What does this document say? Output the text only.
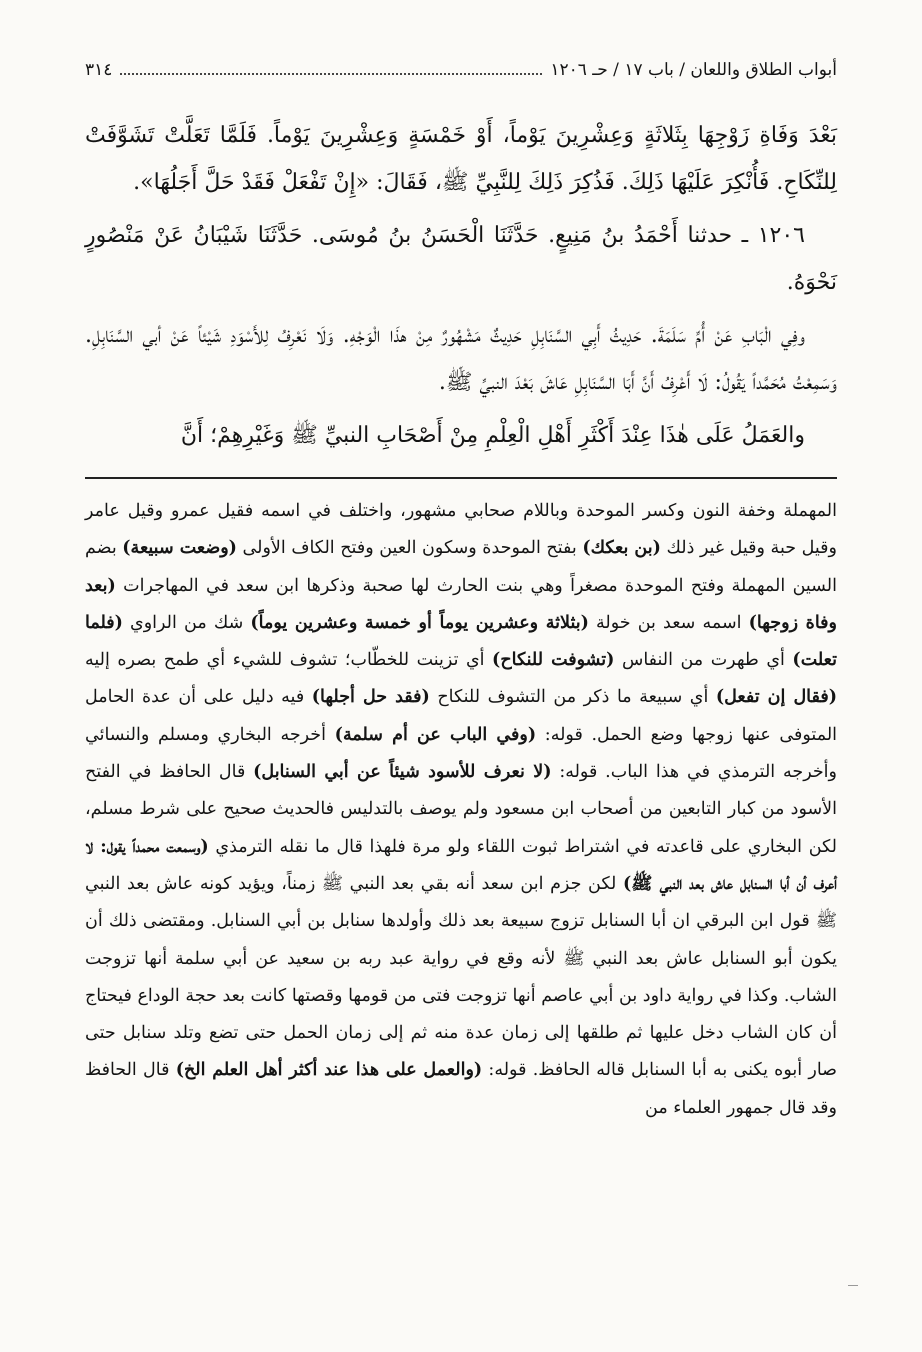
أبواب الطلاق واللعان / باب ١٧ / حـ ١٢٠٦
٣١٤

بَعْدَ وَفَاةِ زَوْجِهَا بِثَلاثَةٍ وَعِشْرِينَ يَوْماً، أَوْ خَمْسَةٍ وَعِشْرِينَ يَوْماً. فَلَمَّا تَعَلَّتْ تَشَوَّفَتْ لِلنِّكَاحِ. فَأُنْكِرَ عَلَيْهَا ذَلِكَ. فَذُكِرَ ذَلِكَ لِلنَّبِيِّ ﷺ، فَقَالَ: «إِنْ تَفْعَلْ فَقَدْ حَلَّ أَجَلُهَا».

١٢٠٦ ـ حدثنا أَحْمَدُ بنُ مَنِيعٍ. حَدَّثَنَا الْحَسَنُ بنُ مُوسَى. حَدَّثَنَا شَيْبَانُ عَنْ مَنْصُورٍ نَحْوَهُ.

وفِي الْبَابِ عَنْ أُمِّ سَلَمَةَ. حَدِيثُ أَبِي السَّنَابِلِ حَدِيثٌ مَشْهُورٌ مِنْ هذَا الْوَجْهِ. وَلَا نَعْرِفُ لِلأَسْوَدِ شَيْئاً عَنْ أبي السَّنَابِلِ. وَسَمِعْتُ مُحَمَّداً يَقُولُ: لَا أَعْرِفُ أَنَّ أَبَا السَّنَابِلِ عَاشَ بَعْدَ النبيِّ ﷺ.

والعَمَلُ عَلَى هٰذَا عِنْدَ أَكْثَرِ أَهْلِ الْعِلْمِ مِنْ أَصْحَابِ النبيِّ ﷺ وَغَيْرِهِمْ؛ أَنَّ

المهملة وخفة النون وكسر الموحدة وباللام صحابي مشهور، واختلف في اسمه فقيل عمرو وقيل عامر وقيل حبة وقيل غير ذلك (بن بعكك) بفتح الموحدة وسكون العين وفتح الكاف الأولى (وضعت سبيعة) بضم السين المهملة وفتح الموحدة مصغراً وهي بنت الحارث لها صحبة وذكرها ابن سعد في المهاجرات (بعد وفاة زوجها) اسمه سعد بن خولة (بثلاثة وعشرين يوماً أو خمسة وعشرين يوماً) شك من الراوي (فلما تعلت) أي طهرت من النفاس (تشوفت للنكاح) أي تزينت للخطّاب؛ تشوف للشيء أي طمح بصره إليه (فقال إن تفعل) أي سبيعة ما ذكر من التشوف للنكاح (فقد حل أجلها) فيه دليل على أن عدة الحامل المتوفى عنها زوجها وضع الحمل. قوله: (وفي الباب عن أم سلمة) أخرجه البخاري ومسلم والنسائي وأخرجه الترمذي في هذا الباب. قوله: (لا نعرف للأسود شيئاً عن أبي السنابل) قال الحافظ في الفتح الأسود من كبار التابعين من أصحاب ابن مسعود ولم يوصف بالتدليس فالحديث صحيح على شرط مسلم، لكن البخاري على قاعدته في اشتراط ثبوت اللقاء ولو مرة فلهذا قال ما نقله الترمذي (وسمعت محمداً يقول: لا أعرف أن أبا السنابل عاش بعد النبي ﷺ) لكن جزم ابن سعد أنه بقي بعد النبي ﷺ زمناً، ويؤيد كونه عاش بعد النبي ﷺ قول ابن البرقي ان أبا السنابل تزوج سبيعة بعد ذلك وأولدها سنابل بن أبي السنابل. ومقتضى ذلك أن يكون أبو السنابل عاش بعد النبي ﷺ لأنه وقع في رواية عبد ربه بن سعيد عن أبي سلمة أنها تزوجت الشاب. وكذا في رواية داود بن أبي عاصم أنها تزوجت فتى من قومها وقصتها كانت بعد حجة الوداع فيحتاج أن كان الشاب دخل عليها ثم طلقها إلى زمان عدة منه ثم إلى زمان الحمل حتى تضع وتلد سنابل حتى صار أبوه يكنى به أبا السنابل قاله الحافظ. قوله: (والعمل على هذا عند أكثر أهل العلم الخ) قال الحافظ وقد قال جمهور العلماء من
